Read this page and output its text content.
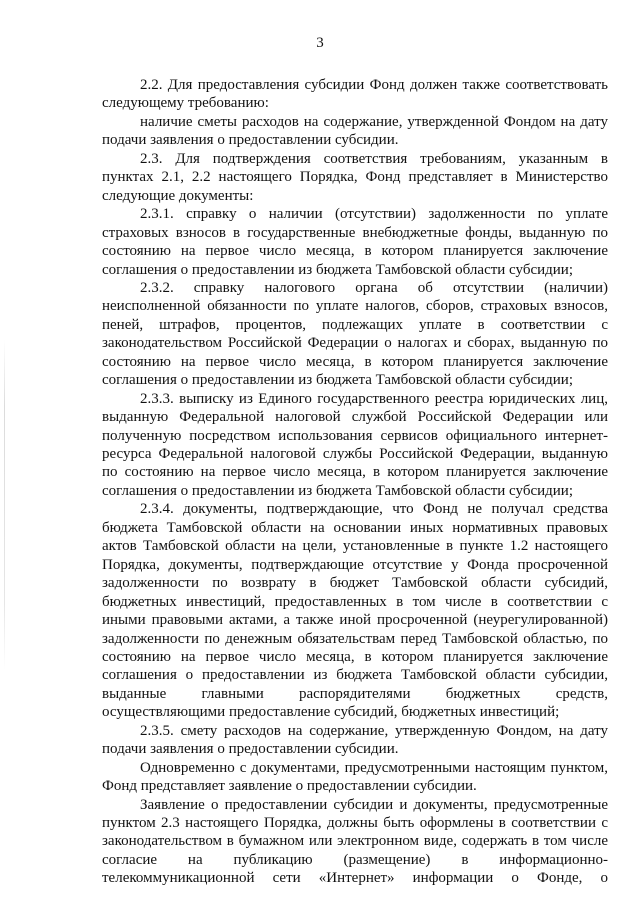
3
2.2. Для предоставления субсидии Фонд должен также соответствовать
следующему требованию:
наличие сметы расходов на содержание, утвержденной Фондом на дату
подачи заявления о предоставлении субсидии.
2.3. Для подтверждения соответствия требованиям, указанным в
пунктах 2.1, 2.2 настоящего Порядка, Фонд представляет в Министерство
следующие документы:
2.3.1. справку о наличии (отсутствии) задолженности по уплате
страховых взносов в государственные внебюджетные фонды, выданную по
состоянию на первое число месяца, в котором планируется заключение
соглашения о предоставлении из бюджета Тамбовской области субсидии;
2.3.2. справку налогового органа об отсутствии (наличии)
неисполненной обязанности по уплате налогов, сборов, страховых взносов,
пеней, штрафов, процентов, подлежащих уплате в соответствии с
законодательством Российской Федерации о налогах и сборах, выданную по
состоянию на первое число месяца, в котором планируется заключение
соглашения о предоставлении из бюджета Тамбовской области субсидии;
2.3.3. выписку из Единого государственного реестра юридических лиц,
выданную Федеральной налоговой службой Российской Федерации или
полученную посредством использования сервисов официального интернет-
ресурса Федеральной налоговой службы Российской Федерации, выданную
по состоянию на первое число месяца, в котором планируется заключение
соглашения о предоставлении из бюджета Тамбовской области субсидии;
2.3.4. документы, подтверждающие, что Фонд не получал средства
бюджета Тамбовской области на основании иных нормативных правовых
актов Тамбовской области на цели, установленные в пункте 1.2 настоящего
Порядка, документы, подтверждающие отсутствие у Фонда просроченной
задолженности по возврату в бюджет Тамбовской области субсидий,
бюджетных инвестиций, предоставленных в том числе в соответствии с
иными правовыми актами, а также иной просроченной (неурегулированной)
задолженности по денежным обязательствам перед Тамбовской областью, по
состоянию на первое число месяца, в котором планируется заключение
соглашения о предоставлении из бюджета Тамбовской области субсидии,
выданные главными распорядителями бюджетных средств,
осуществляющими предоставление субсидий, бюджетных инвестиций;
2.3.5. смету расходов на содержание, утвержденную Фондом, на дату
подачи заявления о предоставлении субсидии.
Одновременно с документами, предусмотренными настоящим пунктом,
Фонд представляет заявление о предоставлении субсидии.
Заявление о предоставлении субсидии и документы, предусмотренные
пунктом 2.3 настоящего Порядка, должны быть оформлены в соответствии с
законодательством в бумажном или электронном виде, содержать в том числе
согласие на публикацию (размещение) в информационно-
телекоммуникационной сети «Интернет» информации о Фонде, о
